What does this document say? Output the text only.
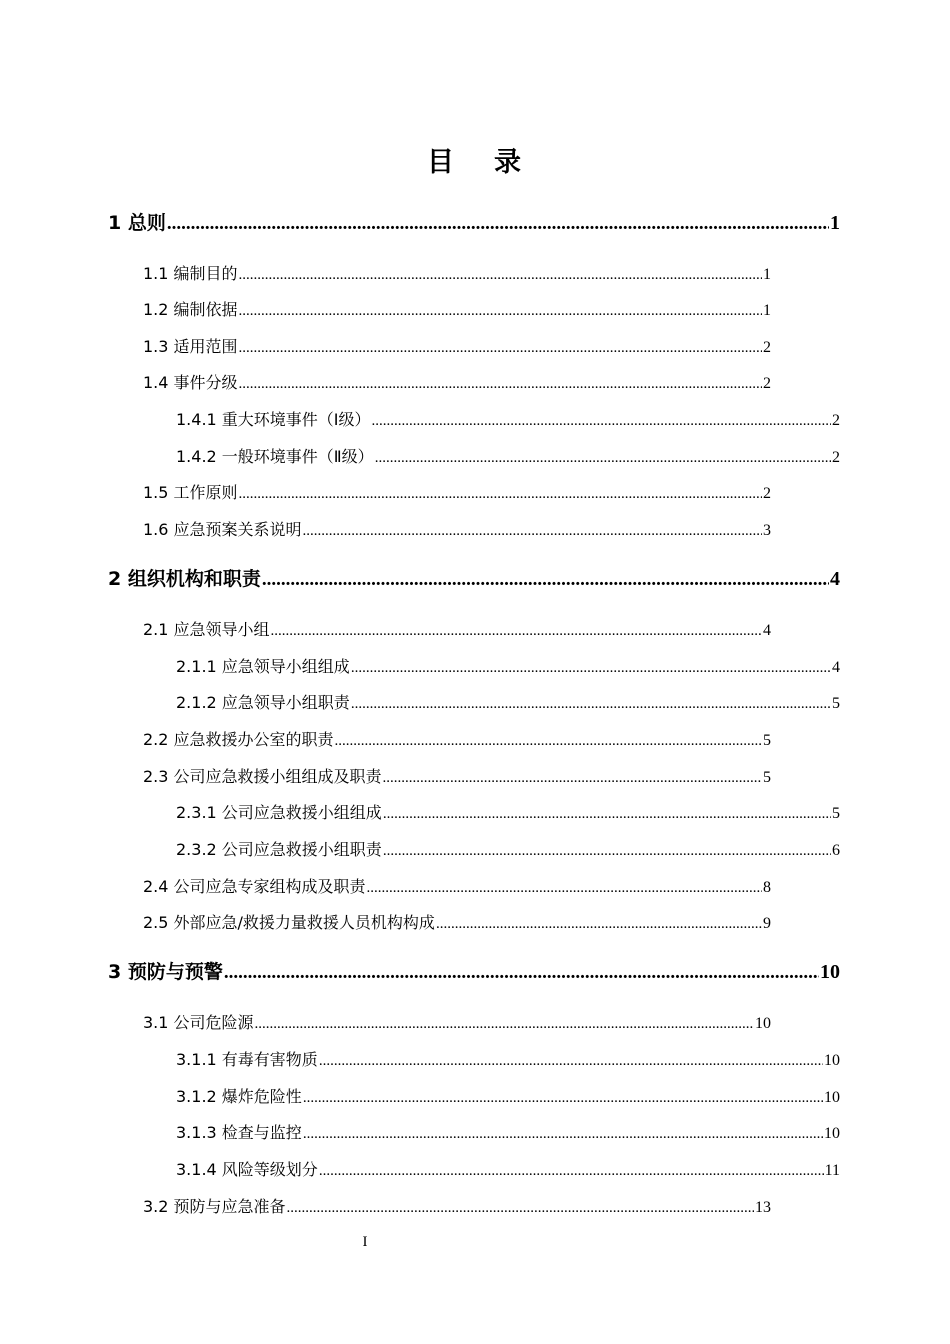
目 录
1 总则 .....	1
1.1 编制目的 .....	1
1.2 编制依据 .....	1
1.3 适用范围 .....	2
1.4 事件分级 .....	2
1.4.1 重大环境事件（Ⅰ级） .....	2
1.4.2 一般环境事件（Ⅱ级） .....	2
1.5 工作原则 .....	2
1.6 应急预案关系说明 .....	3
2 组织机构和职责 .....	4
2.1 应急领导小组 .....	4
2.1.1 应急领导小组组成 .....	4
2.1.2 应急领导小组职责 .....	5
2.2 应急救援办公室的职责 .....	5
2.3 公司应急救援小组组成及职责 .....	5
2.3.1 公司应急救援小组组成 .....	5
2.3.2 公司应急救援小组职责 .....	6
2.4 公司应急专家组构成及职责 .....	8
2.5 外部应急/救援力量救援人员机构构成 .....	9
3 预防与预警 .....	10
3.1 公司危险源 .....	10
3.1.1 有毒有害物质 .....	10
3.1.2 爆炸危险性 .....	10
3.1.3 检查与监控 .....	10
3.1.4 风险等级划分 .....	11
3.2 预防与应急准备 .....	13
I
